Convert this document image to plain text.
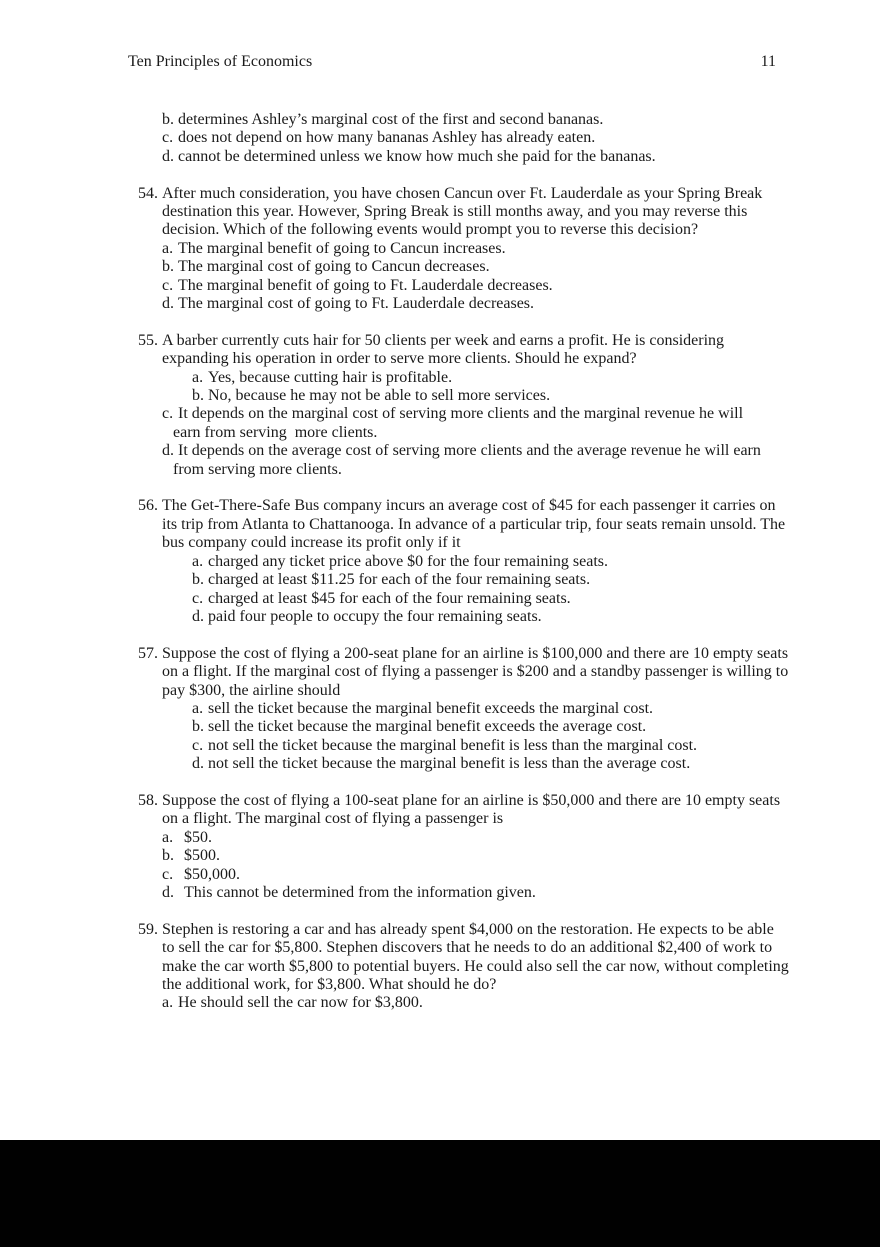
Ten Principles of Economics	11
b. determines Ashley’s marginal cost of the first and second bananas.
c. does not depend on how many bananas Ashley has already eaten.
d. cannot be determined unless we know how much she paid for the bananas.
54. After much consideration, you have chosen Cancun over Ft. Lauderdale as your Spring Break
destination this year. However, Spring Break is still months away, and you may reverse this
decision. Which of the following events would prompt you to reverse this decision?
a. The marginal benefit of going to Cancun increases.
b. The marginal cost of going to Cancun decreases.
c. The marginal benefit of going to Ft. Lauderdale decreases.
d. The marginal cost of going to Ft. Lauderdale decreases.
55. A barber currently cuts hair for 50 clients per week and earns a profit. He is considering
expanding his operation in order to serve more clients. Should he expand?
a. Yes, because cutting hair is profitable.
b. No, because he may not be able to sell more services.
c. It depends on the marginal cost of serving more clients and the marginal revenue he will
earn from serving  more clients.
d. It depends on the average cost of serving more clients and the average revenue he will earn
from serving more clients.
56. The Get-There-Safe Bus company incurs an average cost of $45 for each passenger it carries on
its trip from Atlanta to Chattanooga. In advance of a particular trip, four seats remain unsold. The
bus company could increase its profit only if it
a. charged any ticket price above $0 for the four remaining seats.
b. charged at least $11.25 for each of the four remaining seats.
c. charged at least $45 for each of the four remaining seats.
d. paid four people to occupy the four remaining seats.
57. Suppose the cost of flying a 200-seat plane for an airline is $100,000 and there are 10 empty seats
on a flight. If the marginal cost of flying a passenger is $200 and a standby passenger is willing to
pay $300, the airline should
a. sell the ticket because the marginal benefit exceeds the marginal cost.
b. sell the ticket because the marginal benefit exceeds the average cost.
c. not sell the ticket because the marginal benefit is less than the marginal cost.
d. not sell the ticket because the marginal benefit is less than the average cost.
58. Suppose the cost of flying a 100-seat plane for an airline is $50,000 and there are 10 empty seats
on a flight. The marginal cost of flying a passenger is
a. $50.
b. $500.
c. $50,000.
d. This cannot be determined from the information given.
59. Stephen is restoring a car and has already spent $4,000 on the restoration. He expects to be able
to sell the car for $5,800. Stephen discovers that he needs to do an additional $2,400 of work to
make the car worth $5,800 to potential buyers. He could also sell the car now, without completing
the additional work, for $3,800. What should he do?
a. He should sell the car now for $3,800.
